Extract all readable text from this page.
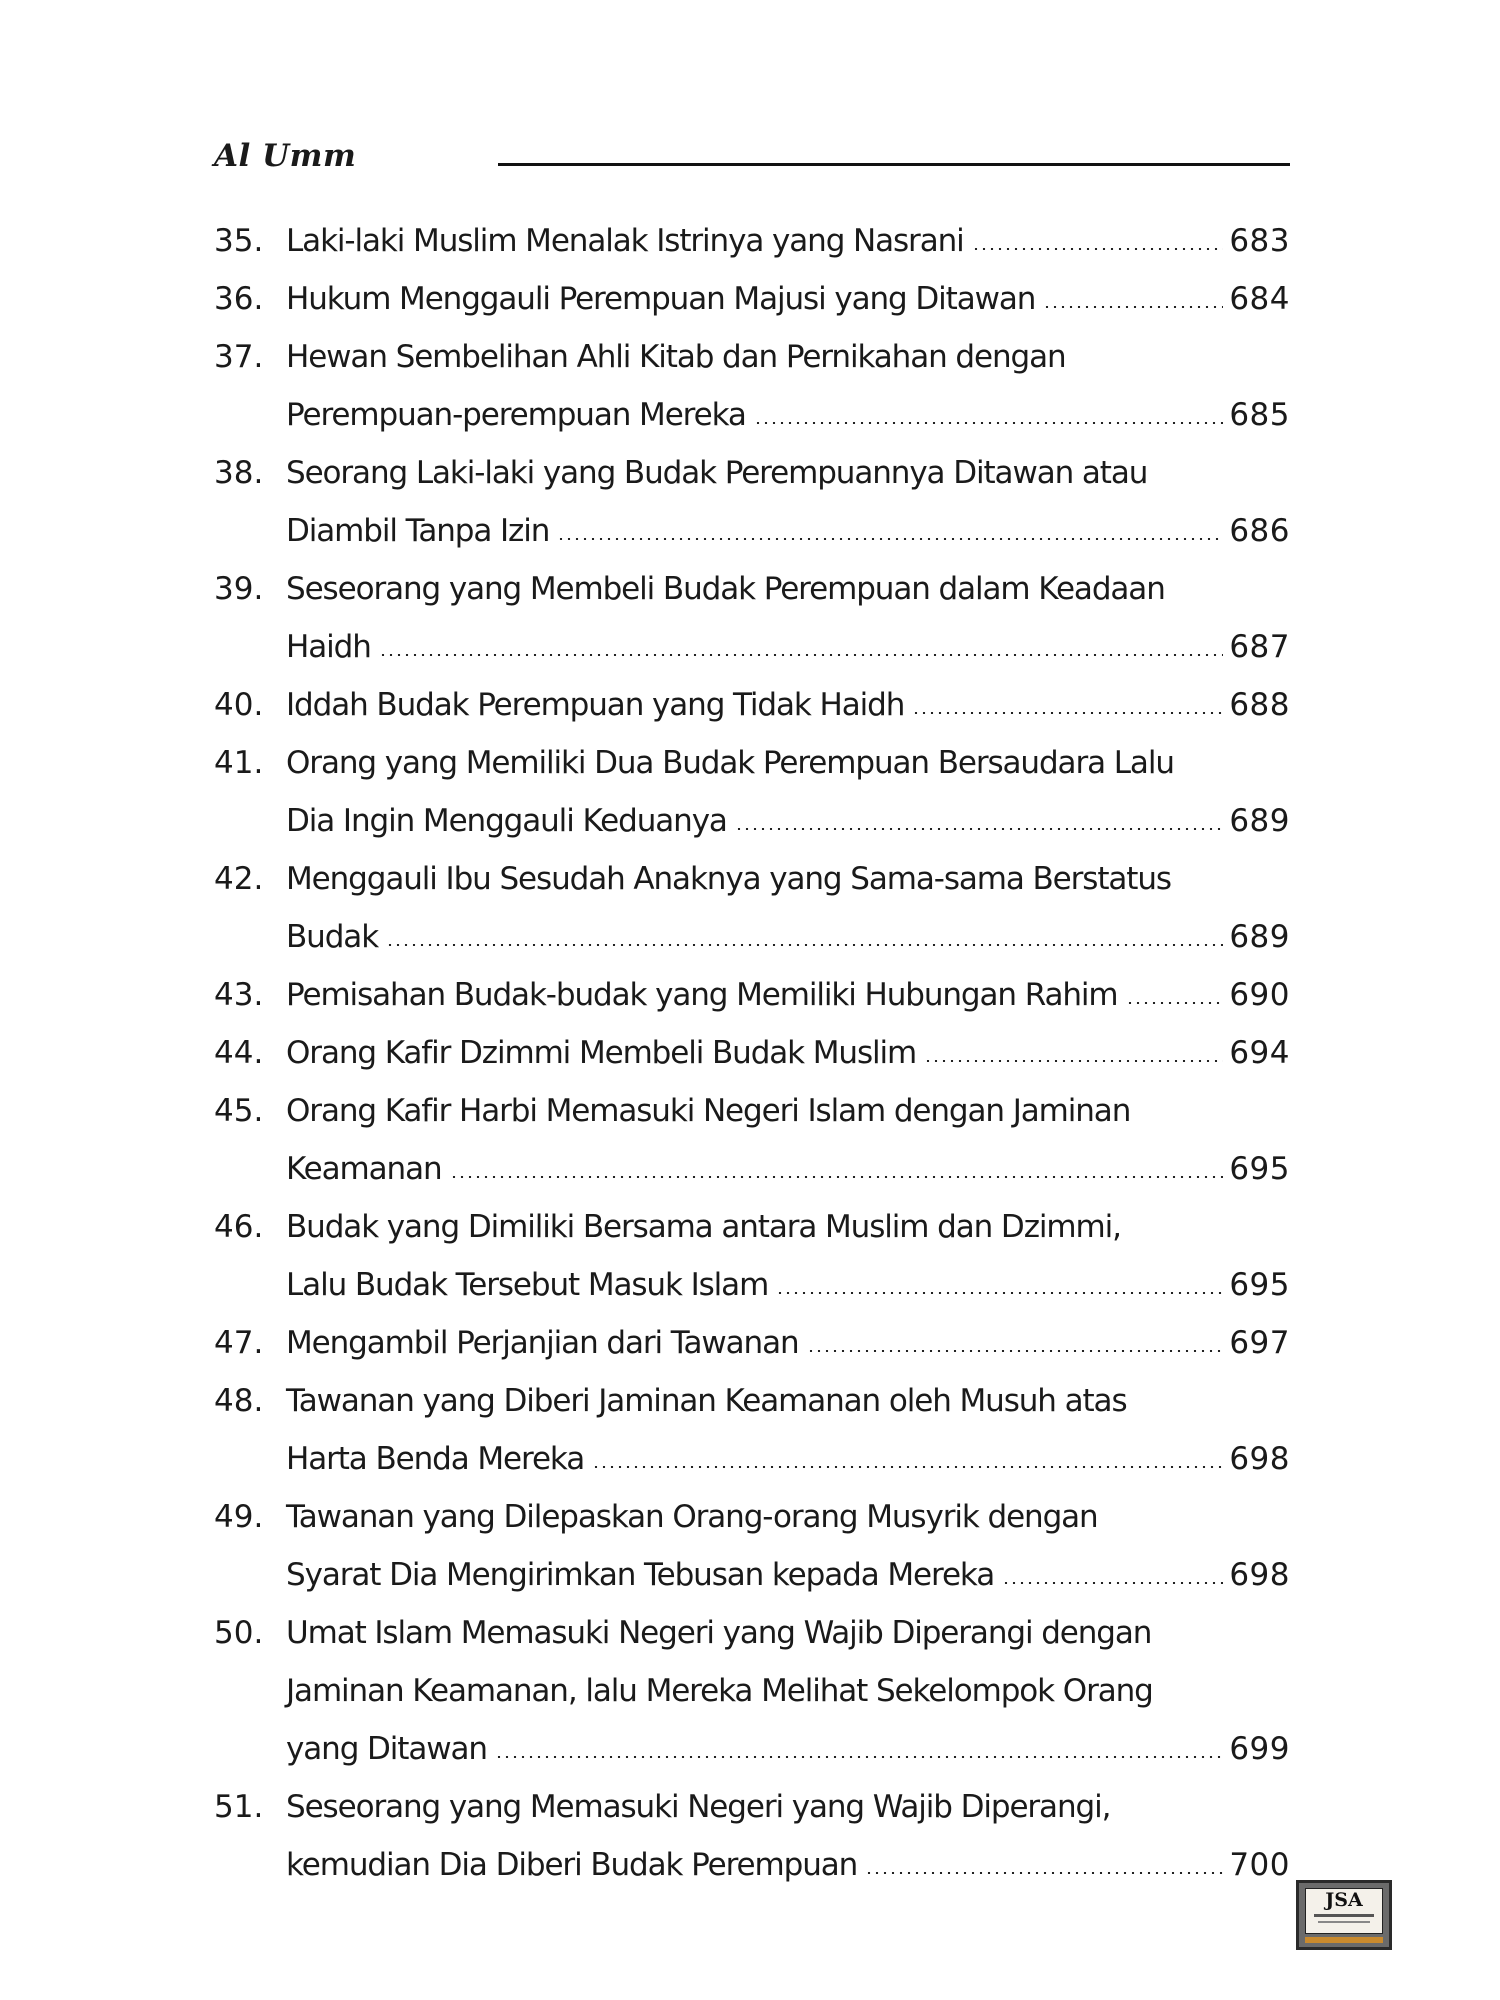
Al Umm
35. Laki-laki Muslim Menalak Istrinya yang Nasrani	683
36. Hukum Menggauli Perempuan Majusi yang Ditawan	684
37. Hewan Sembelihan Ahli Kitab dan Pernikahan dengan
Perempuan-perempuan Mereka	685
38. Seorang Laki-laki yang Budak Perempuannya Ditawan atau
Diambil Tanpa Izin	686
39. Seseorang yang Membeli Budak Perempuan dalam Keadaan
Haidh	687
40. Iddah Budak Perempuan yang Tidak Haidh	688
41. Orang yang Memiliki Dua Budak Perempuan Bersaudara Lalu
Dia Ingin Menggauli Keduanya	689
42. Menggauli Ibu Sesudah Anaknya yang Sama-sama Berstatus
Budak	689
43. Pemisahan Budak-budak yang Memiliki Hubungan Rahim	690
44. Orang Kafir Dzimmi Membeli Budak Muslim	694
45. Orang Kafir Harbi Memasuki Negeri Islam dengan Jaminan
Keamanan	695
46. Budak yang Dimiliki Bersama antara Muslim dan Dzimmi,
Lalu Budak Tersebut Masuk Islam	695
47. Mengambil Perjanjian dari Tawanan	697
48. Tawanan yang Diberi Jaminan Keamanan oleh Musuh atas
Harta Benda Mereka	698
49. Tawanan yang Dilepaskan Orang-orang Musyrik dengan
Syarat Dia Mengirimkan Tebusan kepada Mereka	698
50. Umat Islam Memasuki Negeri yang Wajib Diperangi dengan
Jaminan Keamanan, lalu Mereka Melihat Sekelompok Orang
yang Ditawan	699
51. Seseorang yang Memasuki Negeri yang Wajib Diperangi,
kemudian Dia Diberi Budak Perempuan	700
JSA
